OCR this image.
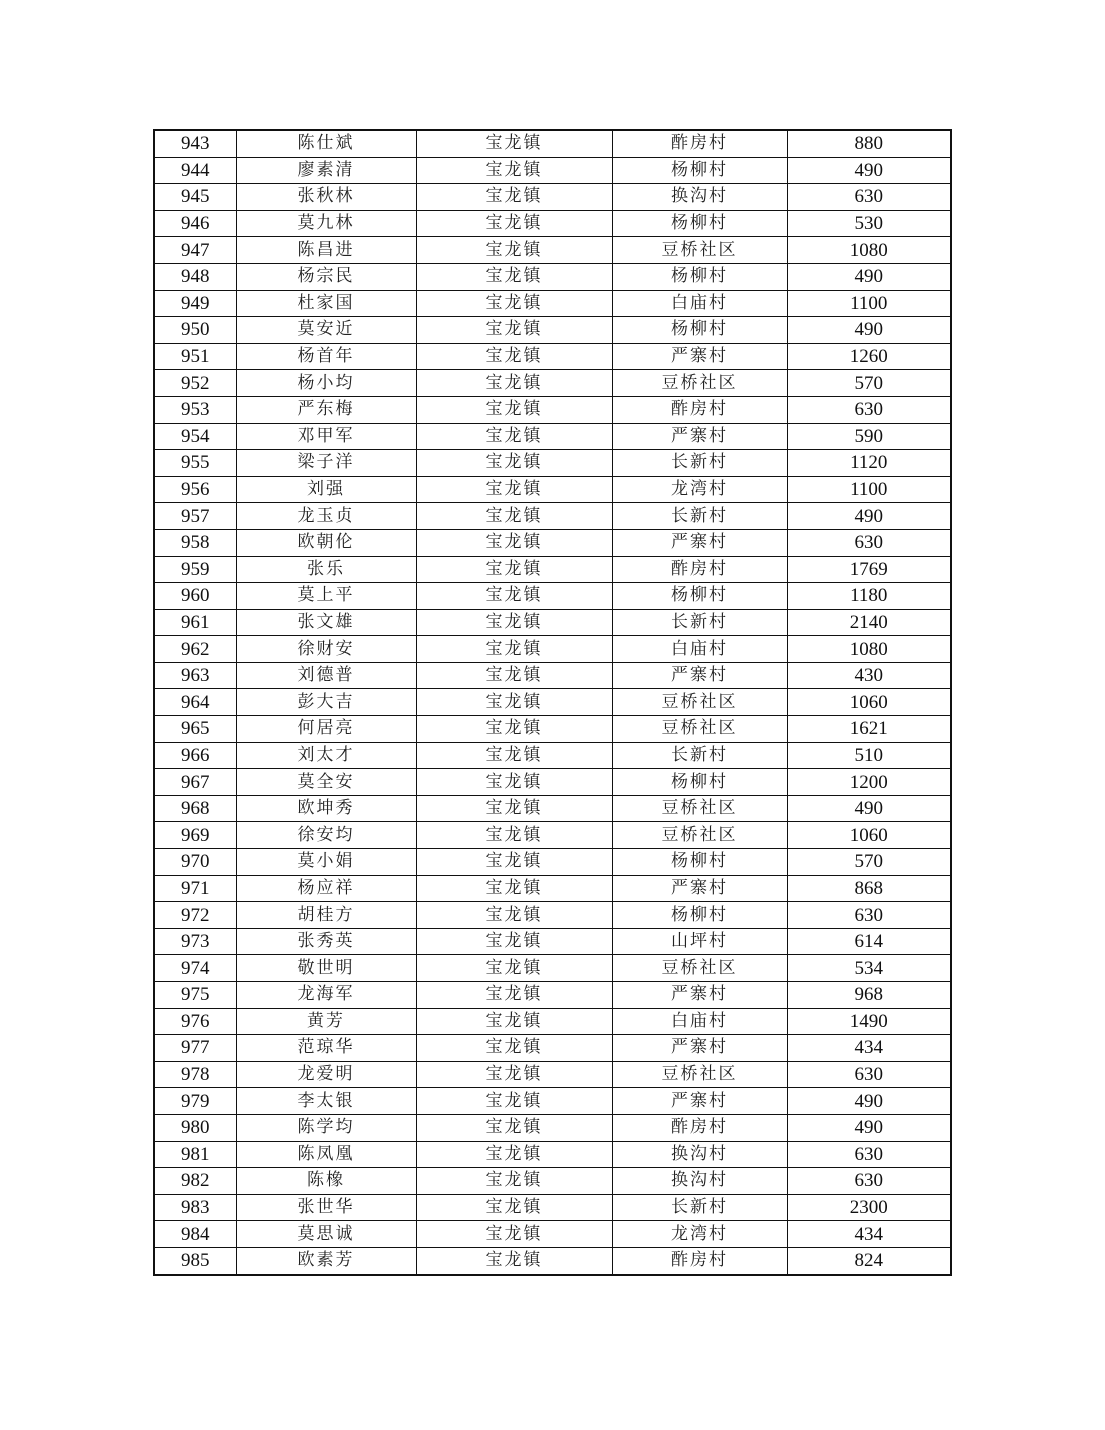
943	陈仕斌	宝龙镇	酢房村	880
944	廖素清	宝龙镇	杨柳村	490
945	张秋林	宝龙镇	换沟村	630
946	莫九林	宝龙镇	杨柳村	530
947	陈昌进	宝龙镇	豆桥社区	1080
948	杨宗民	宝龙镇	杨柳村	490
949	杜家国	宝龙镇	白庙村	1100
950	莫安近	宝龙镇	杨柳村	490
951	杨首年	宝龙镇	严寨村	1260
952	杨小均	宝龙镇	豆桥社区	570
953	严东梅	宝龙镇	酢房村	630
954	邓甲军	宝龙镇	严寨村	590
955	梁子洋	宝龙镇	长新村	1120
956	刘强	宝龙镇	龙湾村	1100
957	龙玉贞	宝龙镇	长新村	490
958	欧朝伦	宝龙镇	严寨村	630
959	张乐	宝龙镇	酢房村	1769
960	莫上平	宝龙镇	杨柳村	1180
961	张文雄	宝龙镇	长新村	2140
962	徐财安	宝龙镇	白庙村	1080
963	刘德普	宝龙镇	严寨村	430
964	彭大吉	宝龙镇	豆桥社区	1060
965	何居亮	宝龙镇	豆桥社区	1621
966	刘太才	宝龙镇	长新村	510
967	莫全安	宝龙镇	杨柳村	1200
968	欧坤秀	宝龙镇	豆桥社区	490
969	徐安均	宝龙镇	豆桥社区	1060
970	莫小娟	宝龙镇	杨柳村	570
971	杨应祥	宝龙镇	严寨村	868
972	胡桂方	宝龙镇	杨柳村	630
973	张秀英	宝龙镇	山坪村	614
974	敬世明	宝龙镇	豆桥社区	534
975	龙海军	宝龙镇	严寨村	968
976	黄芳	宝龙镇	白庙村	1490
977	范琼华	宝龙镇	严寨村	434
978	龙爱明	宝龙镇	豆桥社区	630
979	李太银	宝龙镇	严寨村	490
980	陈学均	宝龙镇	酢房村	490
981	陈凤凰	宝龙镇	换沟村	630
982	陈橡	宝龙镇	换沟村	630
983	张世华	宝龙镇	长新村	2300
984	莫思诚	宝龙镇	龙湾村	434
985	欧素芳	宝龙镇	酢房村	824
